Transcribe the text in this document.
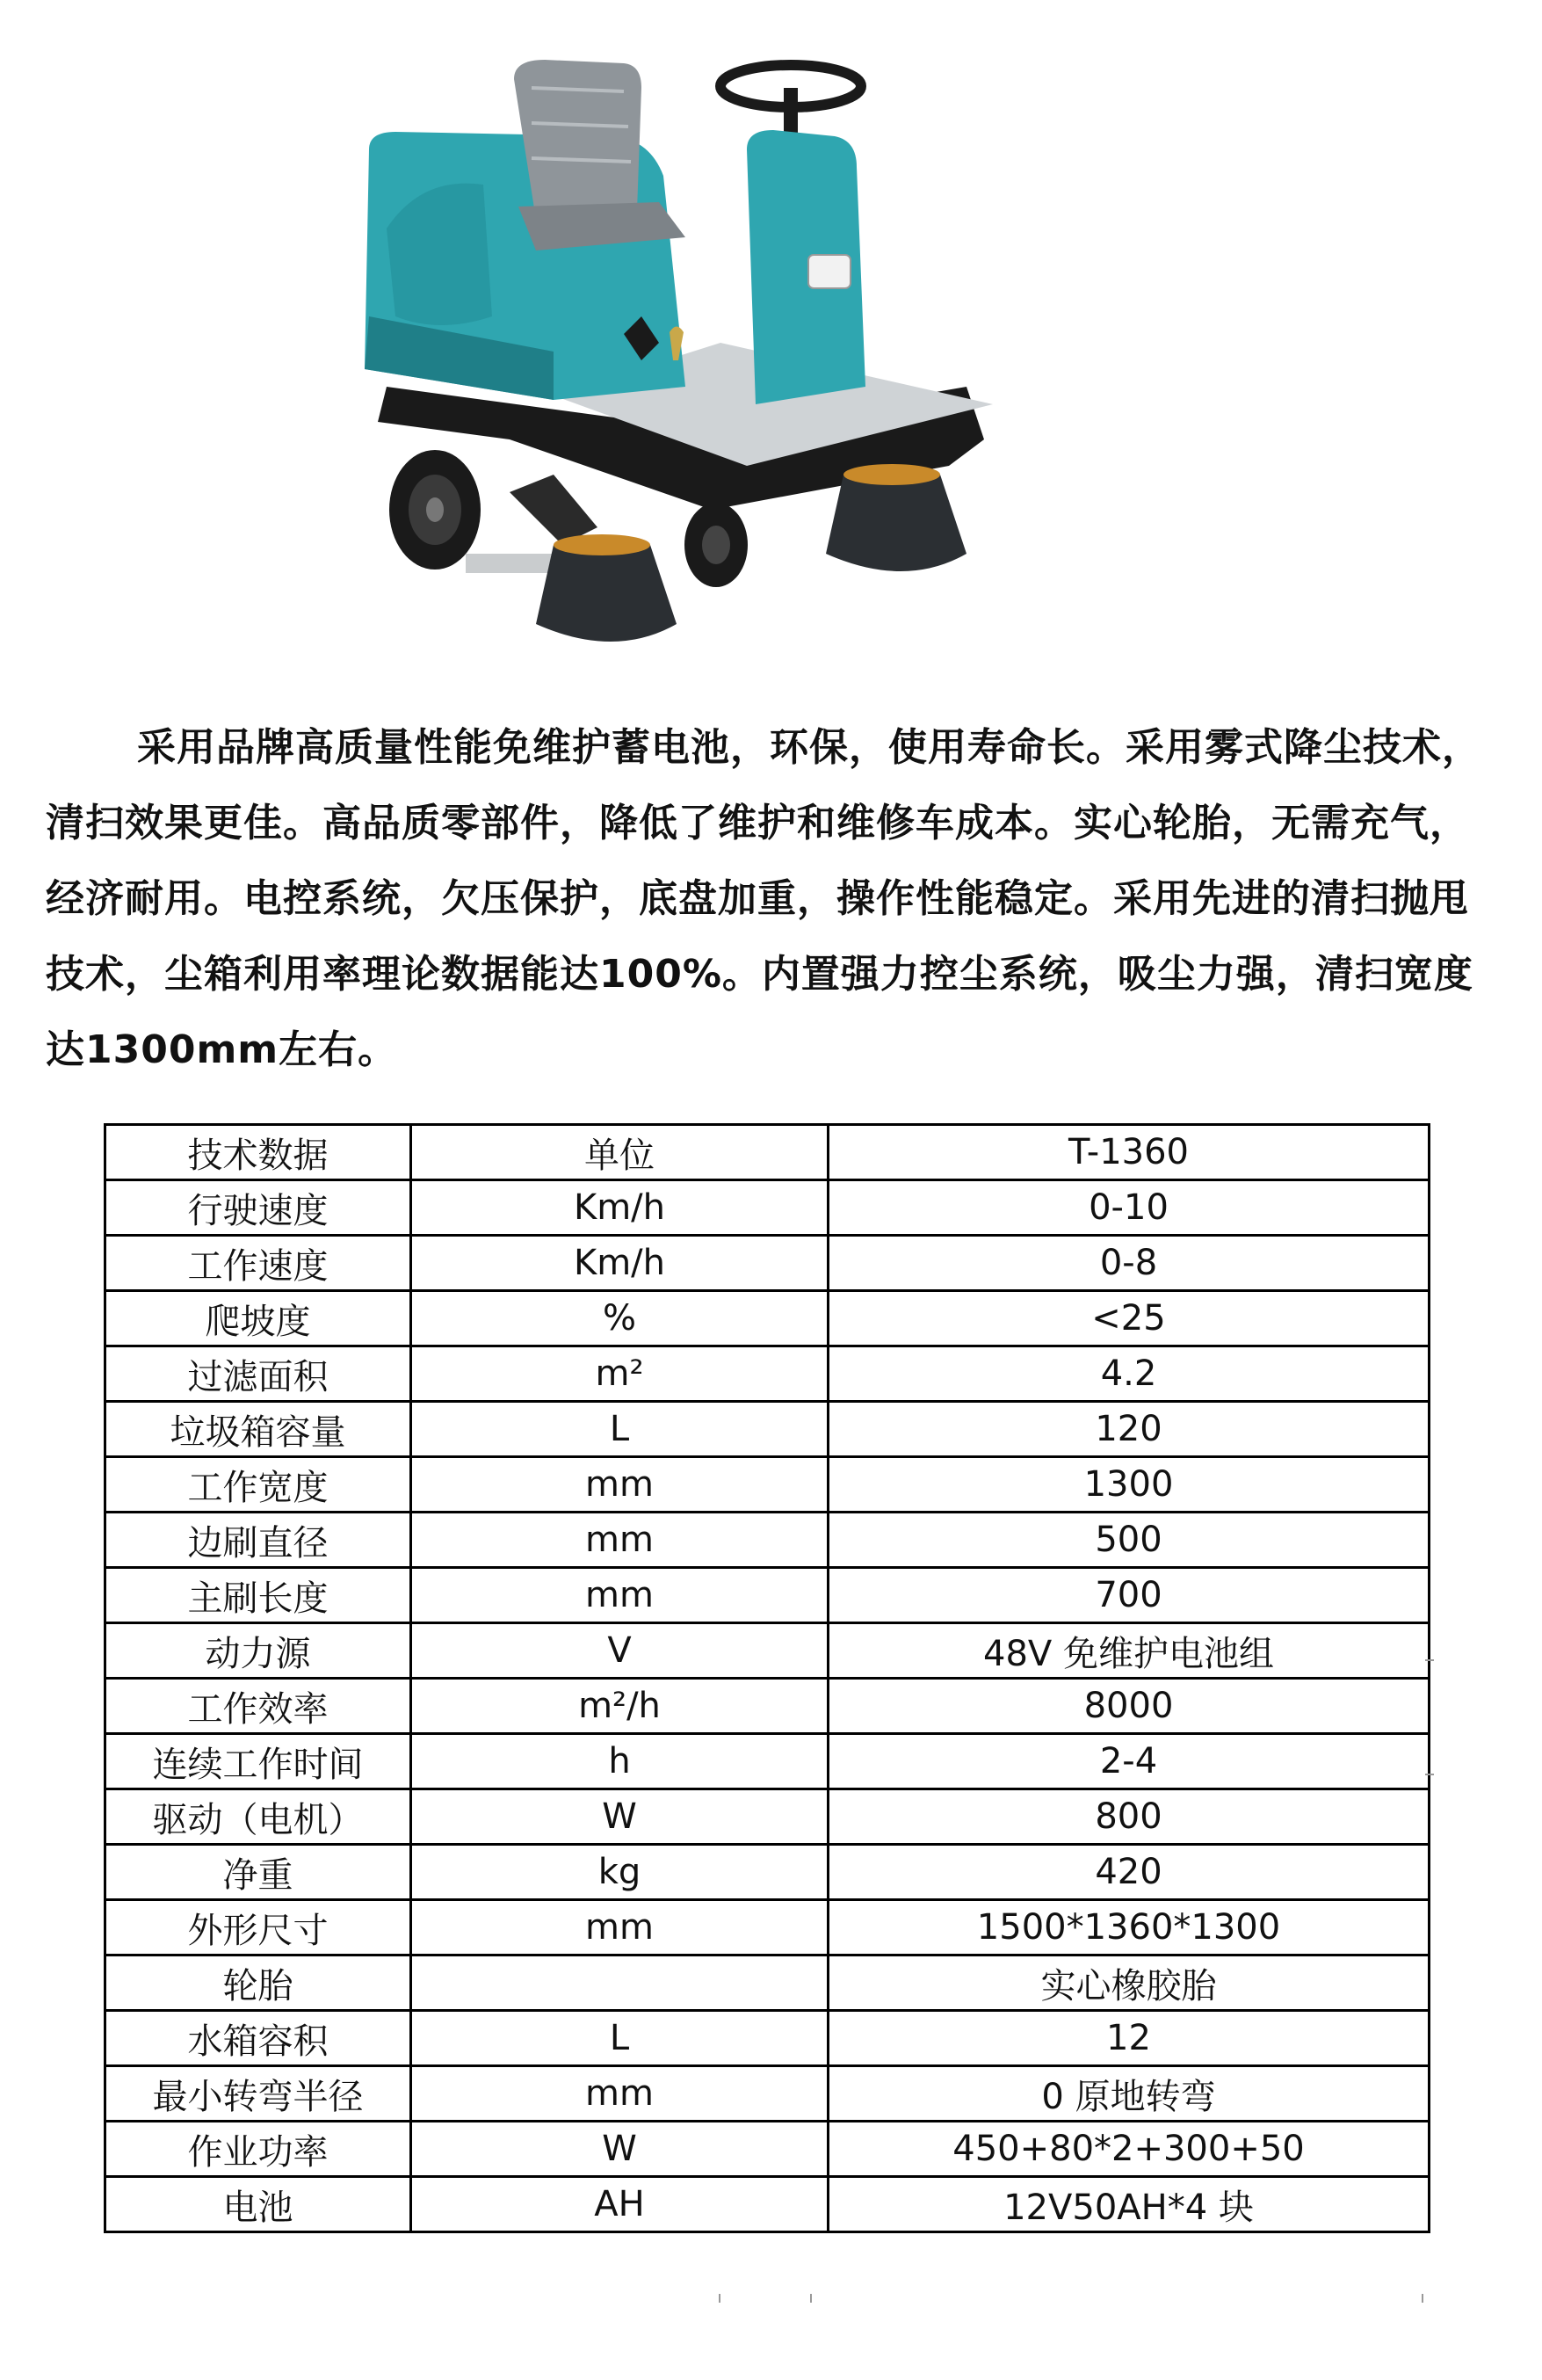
采用品牌高质量性能免维护蓄电池，环保，使用寿命长。采用雾式降尘技术，清扫效果更佳。高品质零部件，降低了维护和维修车成本。实心轮胎，无需充气，经济耐用。电控系统，欠压保护，底盘加重，操作性能稳定。采用先进的清扫抛甩技术，尘箱利用率理论数据能达100%。内置强力控尘系统，吸尘力强，清扫宽度达1300mm左右。

技术数据	单位	T-1360
行驶速度	Km/h	0-10
工作速度	Km/h	0-8
爬坡度	%	<25
过滤面积	m²	4.2
垃圾箱容量	L	120
工作宽度	mm	1300
边刷直径	mm	500
主刷长度	mm	700
动力源	V	48V 免维护电池组
工作效率	m²/h	8000
连续工作时间	h	2-4
驱动（电机）	W	800
净重	kg	420
外形尺寸	mm	1500*1360*1300
轮胎		实心橡胶胎
水箱容积	L	12
最小转弯半径	mm	0 原地转弯
作业功率	W	450+80*2+300+50
电池	AH	12V50AH*4 块
